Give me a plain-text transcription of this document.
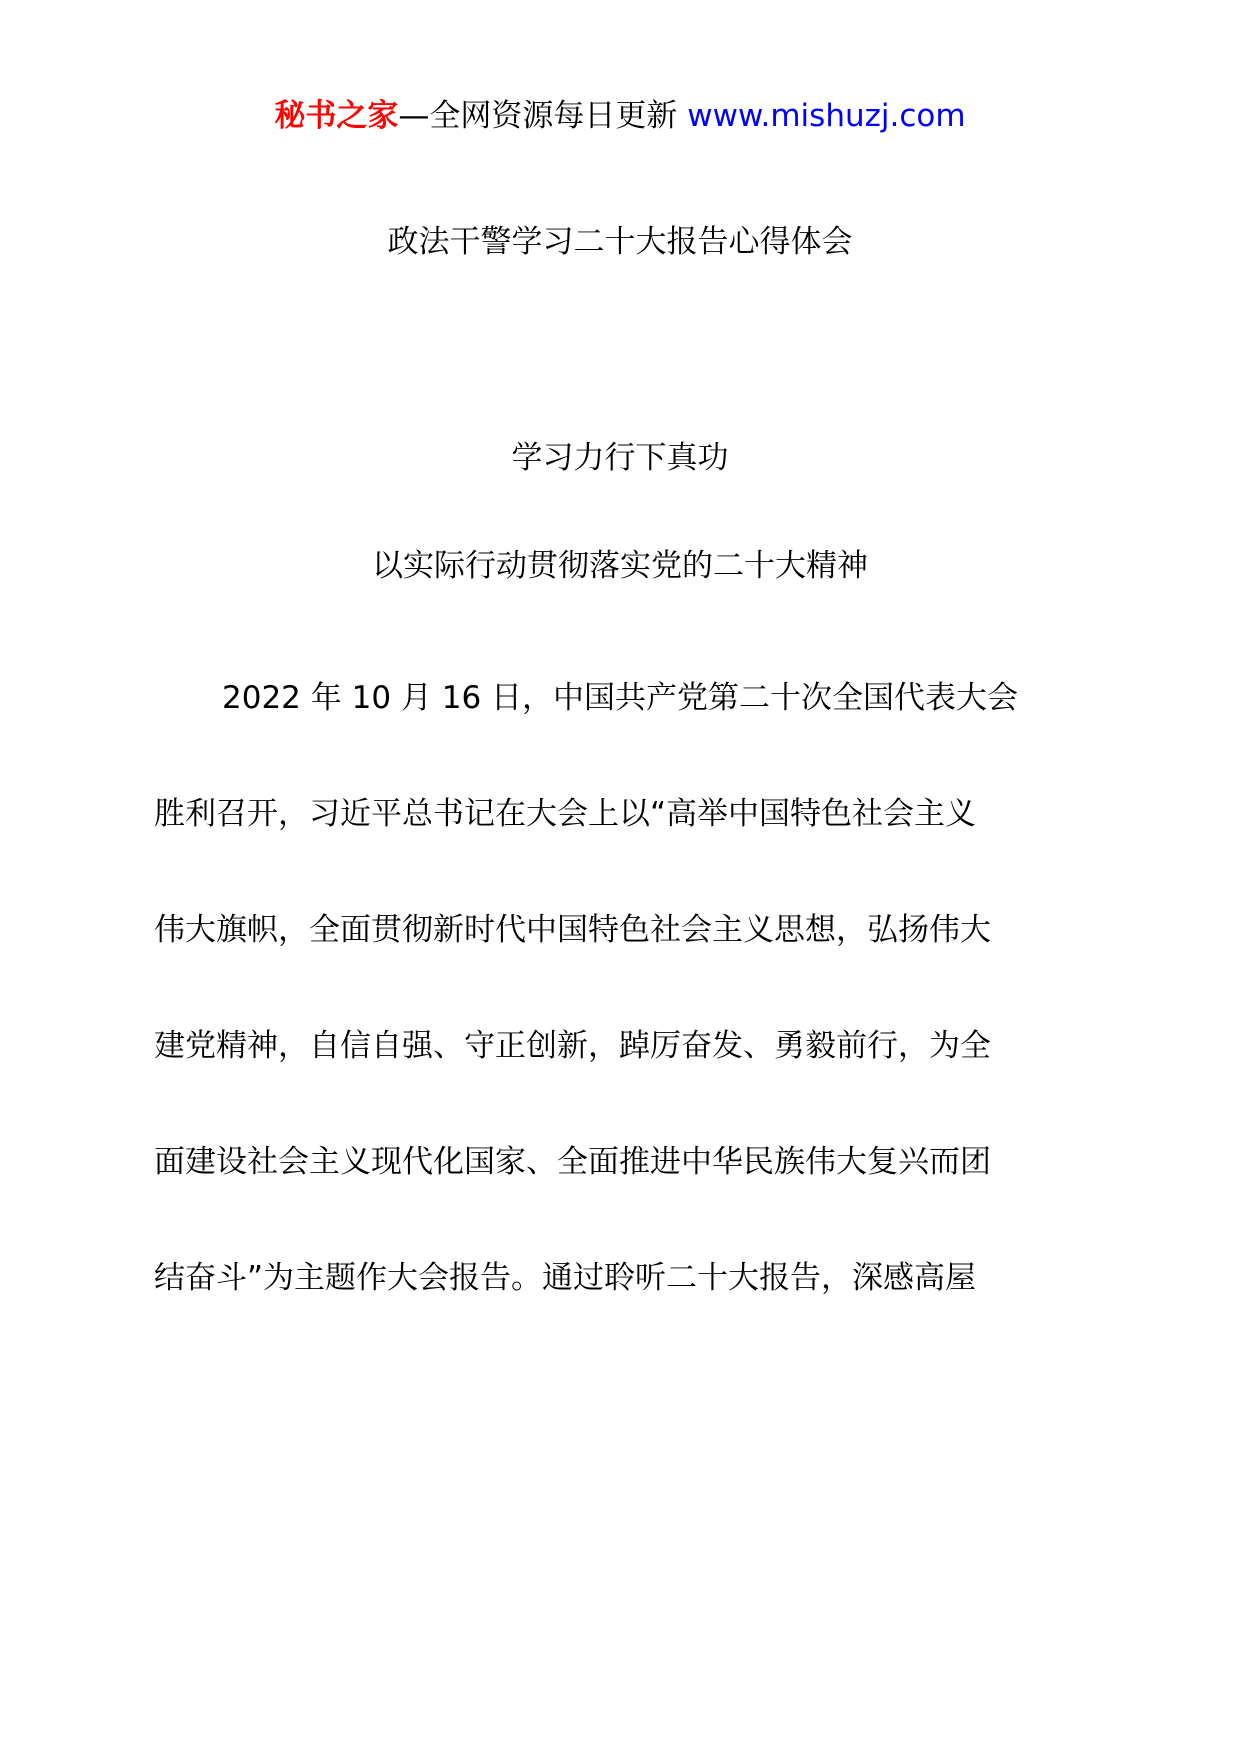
秘书之家—全网资源每日更新 www.mishuzj.com
政法干警学习二十大报告心得体会
学习力行下真功
以实际行动贯彻落实党的二十大精神
2022 年 10 月 16 日，中国共产党第二十次全国代表大会
胜利召开，习近平总书记在大会上以“高举中国特色社会主义
伟大旗帜，全面贯彻新时代中国特色社会主义思想，弘扬伟大
建党精神，自信自强、守正创新，踔厉奋发、勇毅前行，为全
面建设社会主义现代化国家、全面推进中华民族伟大复兴而团
结奋斗”为主题作大会报告。通过聆听二十大报告，深感高屋
